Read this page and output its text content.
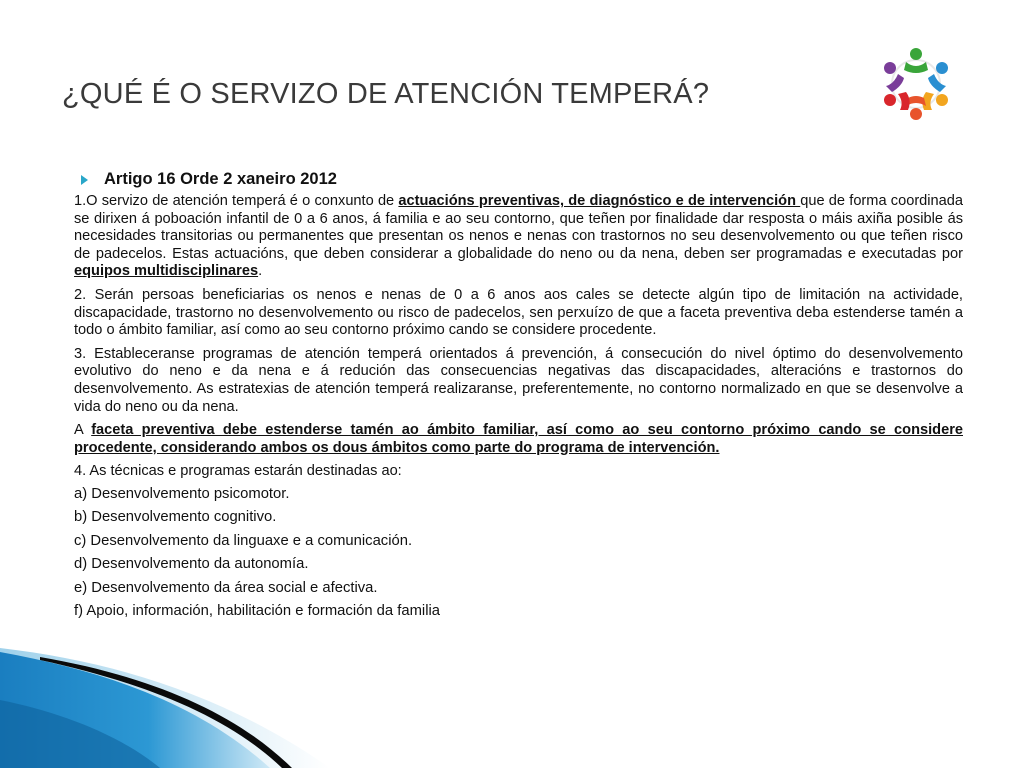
¿QUÉ É O SERVIZO DE ATENCIÓN TEMPERÁ?
Artigo 16 Orde 2 xaneiro 2012

1.O servizo de atención temperá é o conxunto de actuacións preventivas, de diagnóstico e de intervención que de forma coordinada se dirixen á poboación infantil de 0 a 6 anos, á familia e ao seu contorno, que teñen por finalidade dar resposta o máis axiña posible ás necesidades transitorias ou permanentes que presentan os nenos e nenas con trastornos no seu desenvolvemento ou que teñen risco de padecelos. Estas actuacións, que deben considerar a globalidade do neno ou da nena, deben ser programadas e executadas por equipos multidisciplinares.

2. Serán persoas beneficiarias os nenos e nenas de 0 a 6 anos aos cales se detecte algún tipo de limitación na actividade, discapacidade, trastorno no desenvolvemento ou risco de padecelos, sen perxuízo de que a faceta preventiva deba estenderse tamén a todo o ámbito familiar, así como ao seu contorno próximo cando se considere procedente.

3. Estableceranse programas de atención temperá orientados á prevención, á consecución do nivel óptimo do desenvolvemento evolutivo do neno e da nena e á redución das consecuencias negativas das discapacidades, alteracións e trastornos do desenvolvemento. As estratexias de atención temperá realizaranse, preferentemente, no contorno normalizado en que se desenvolve a vida do neno ou da nena.

A faceta preventiva debe estenderse tamén ao ámbito familiar, así como ao seu contorno próximo cando se considere procedente, considerando ambos os dous ámbitos como parte do programa de intervención.

4. As técnicas e programas estarán destinadas ao:

a) Desenvolvemento psicomotor.

b) Desenvolvemento cognitivo.

c) Desenvolvemento da linguaxe e a comunicación.

d) Desenvolvemento da autonomía.

e) Desenvolvemento da área social e afectiva.

f) Apoio, información, habilitación e formación da familia
